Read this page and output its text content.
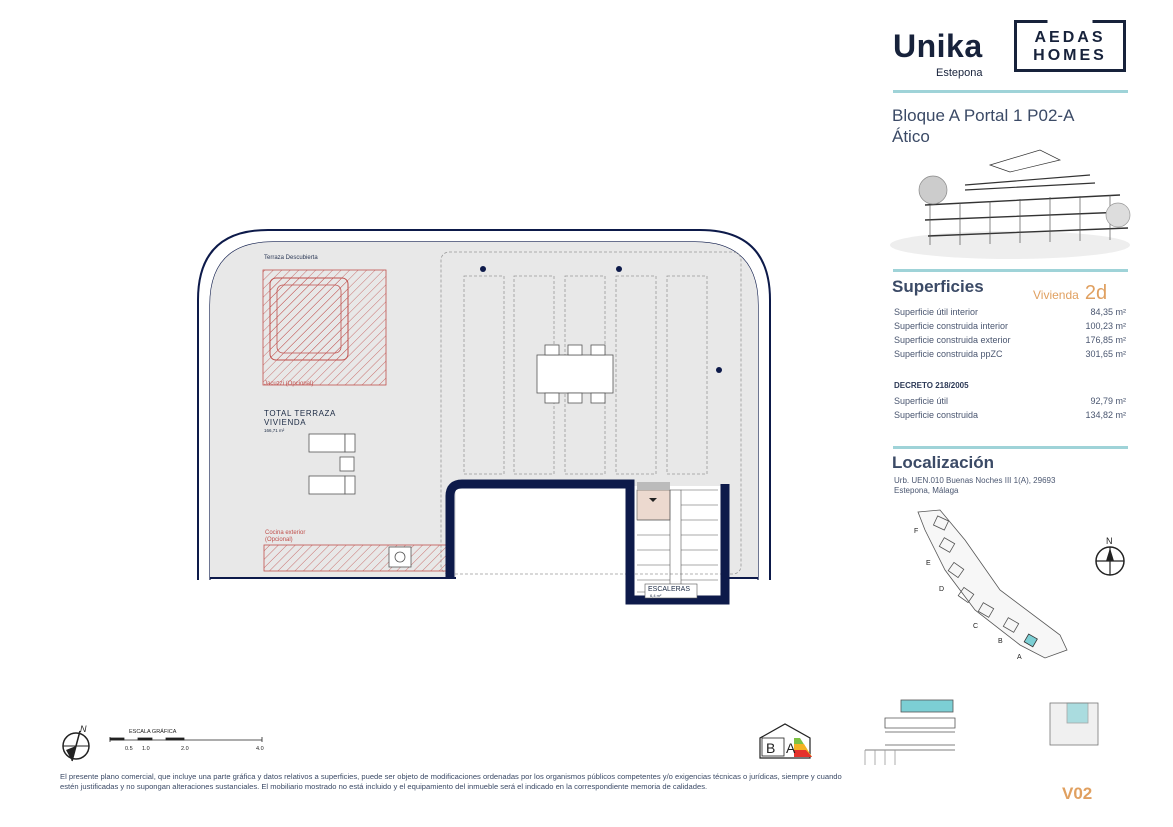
Terraza Descubierta
Jacuzzi (Opcional)
TOTAL TERRAZA
VIVIENDA
166,71 m²
Cocina exterior
(Opcional)
ESCALERAS
6,4 m²
N	ESCALA GRÁFICA
0.5 1.0	2.0	4.0	B A
F
E
D
C
B
A
N
Unika
Estepona
AEDAS
HOMES
Bloque A Portal 1 P02-A
Ático
Superficies	Vivienda 2d
Superficie útil interior	84,35 m²
Superficie construida interior	100,23 m²
Superficie construida exterior	176,85 m²
Superficie construida ppZC	301,65 m²
DECRETO 218/2005
Superficie útil	92,79 m²
Superficie construida	134,82 m²
Localización
Urb. UEN.010 Buenas Noches III 1(A), 29693
Estepona, Málaga
El presente plano comercial, que incluye una parte gráfica y datos relativos a superficies, puede ser objeto de modificaciones ordenadas por los organismos públicos competentes y/o exigencias técnicas o jurídicas, siempre y cuando estén justificadas y no supongan alteraciones sustanciales. El mobiliario mostrado no está incluido y el equipamiento del inmueble será el indicado en la correspondiente memoria de calidades.	V02
